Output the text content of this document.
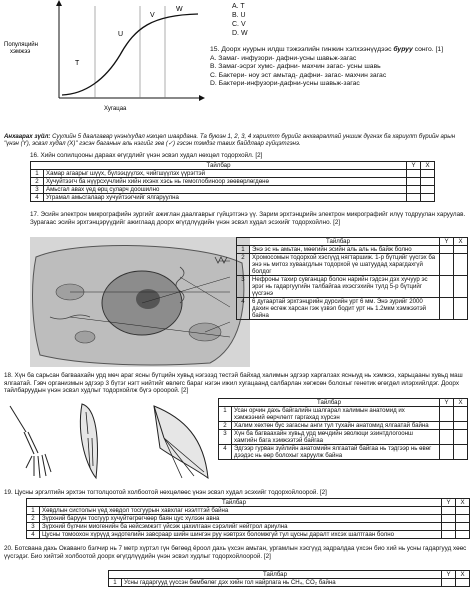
Популяцийн
хэмжээ
Хугацаа
T
U
V
W	A. T
B. U
C. V
D. W
15. Доорх нуурын илдш тэжээлийн гинжин хэлхээнүүдээс буруу сонго. [1]
A. Замаг- инфузори- дафни-усны шавьж-загас
B. Замаг-эсрэг хумс- дафни- махчин загас- усны шавь
C. Бактери- ноу эст амьтад- дафни- загас- махчин загас
D. Бактери-инфузори-дафни-усны шавьж-загас
Анхаарах зүйл: Суулийн 5 даалгавар үнэн/худал нэхцөл шаардана. Та буюэн 1, 2, 3, 4 харилтт бүрийг анхааралтай уншиж дүгнэх ба хариулт бүрийн арын "үнэн (Y), эсвэл худал (X)" гэсэн баганын аль нэгийг зев (✓) гэсэн тэмдэг тавих байдлаар гүйцэтгэнэ.
16. Хийн солилцооны дараах өгүгдлийг үнэн эсвэл худал нөхцөл тодорхойл. [2]
Тайлбар		Y	X
1	Хамар агаарыг шүүх, бүлээцүүлэх, чийгшүүлэх үүрэгтэй		
2	Хучуйтээгч ба нүүрсхүчлийн хийн ихэнх хэсь нь гемоглобиноор зөөвөрлөгдөнө		
3	Амьсгал авах үед өрц суларч доошилно		
4	Уграмал амьсгалаар хучуйтээгчийг ялгаруулна		
17. Эсийн электрон микрографийн зургийг ажиглан даалгаврыг гүйцэтгэнэ үү. Зарим эрхтэнцрийн электрон микрографийг илүү тодруулан харуулав. Зурагаас эсийн эрхтэнцэрүүдийг ажиглаад доорх өгүгдлүүдийн үнэн эсвэл худал эсэхийг тодорхойлно. [2]
Тайлбар		Y	X
1	Энэ эс нь амьтан, мөөгийн эсийн аль аль нь байж болно		
2	Хромосомын тодорхой хэсгүүд нягтаршиж. 1-р бүтцийг үүсгэх ба энэ нь митоз хуваагдлын тодорхой үе шатуудад харагдахгүй болдог		
3	Нефроны тахир сувганцар болон нарийн гэдсэн дэх хучуур эс эрэг нь гадаргуугийн талбайгаа ихэсгэхийн тулд 5-р бүтцийг үүсгэнэ		
4	6 дугаартай эрхтэнцрийн дурсийн урт 6 мм. Энэ зурийг 2000 дахин өсгөж харсан гэж үзвэл бодит урт нь 1.2мкм хэмжээтэй байна		
18. Хүн ба сарьсан багваахайн урд мөч араг ясны бүтцийн хувьд нэгэзэд тестэй байхад халимын эдгээр харгалзах ясныуд нь хэмжээ, харьцааны хувьд маш ялгаатай. Гэвч организмын эдгээр 3 бүтэг нэгт нийтийг өвлөгс бараг нэгэн ижил хугацаанд салбарлан хөгжсөн болохыг генетик өгөгдөл илэрхийлдэг. Доорх тайлбаруудын үнэн эсвэл худлыг тодорхойлж бүгэ ороорой. [2]
Тайлбар		Y	X
1	Усан орчин дахь байгалийн шалгарал халимын анатомид их хэмжээний өөрчлөлт гаргахад хүрсэн		
2	Халим хөхтөн бус загасны анги тул тухайн анатомид ялгаатай байна		
3	Хүн ба багваахайн хувьд урд мөчдийн эволюци эзинтдлогоонш хамгийн бага хэмжээтэй байгаа		
4	Эдгээр гурван зүйлийн анатомийн ялгаатай байгаа нь тэдгээр нь өвөг дээдэс нь өөр болохыг харуулж байна		
19. Цусны эргэлтийн эрхтэн тогтолцоотой холбоотой нөхцөлөөс үнэн эсвэл худал эсэхийг тодорхойлоорой. [2]
Тайлбар		Y	X
1	Хөвдлын систолын үед хөвдол тосгуурын хавхлаг нээлттэй байна		
2	Зүрхний баруун тосгуур хучуйтөгрөгчөөр баян цус хүлээн авна		
3	Зүрхний бүлчин миогенийн ба нейсэмжэгт үйсэж цахилгаан сэрэлийг нейтрол ариулна		
4	Цусны томоохон хүрүүд эндотелийн завсраар шийн шингэн руу нэвтрэх боломжгүй тул цусны даралт ихсэх шалтгаан болно		
20. Ботсвана дахь Окаванго бэлчир нь 7 метр хүртэл гүн бөгөөд ёроол дахь үхсэн амьтан, ургамлын хэсгүүд задралдаа үхсэн био хий нь усны гадаргууд хөөс үүсгэдэг. Био хийтэй холбоотой доорх өгүгдлүүдийн үнэн эсвэл худлыг тодорхойлоорой. [2]
Тайлбар		Y	X
1	Усны гадаргууд үүссэн бөмбөлөг дэх хийн гол найрлага нь CH₄, CO₂ байна		
